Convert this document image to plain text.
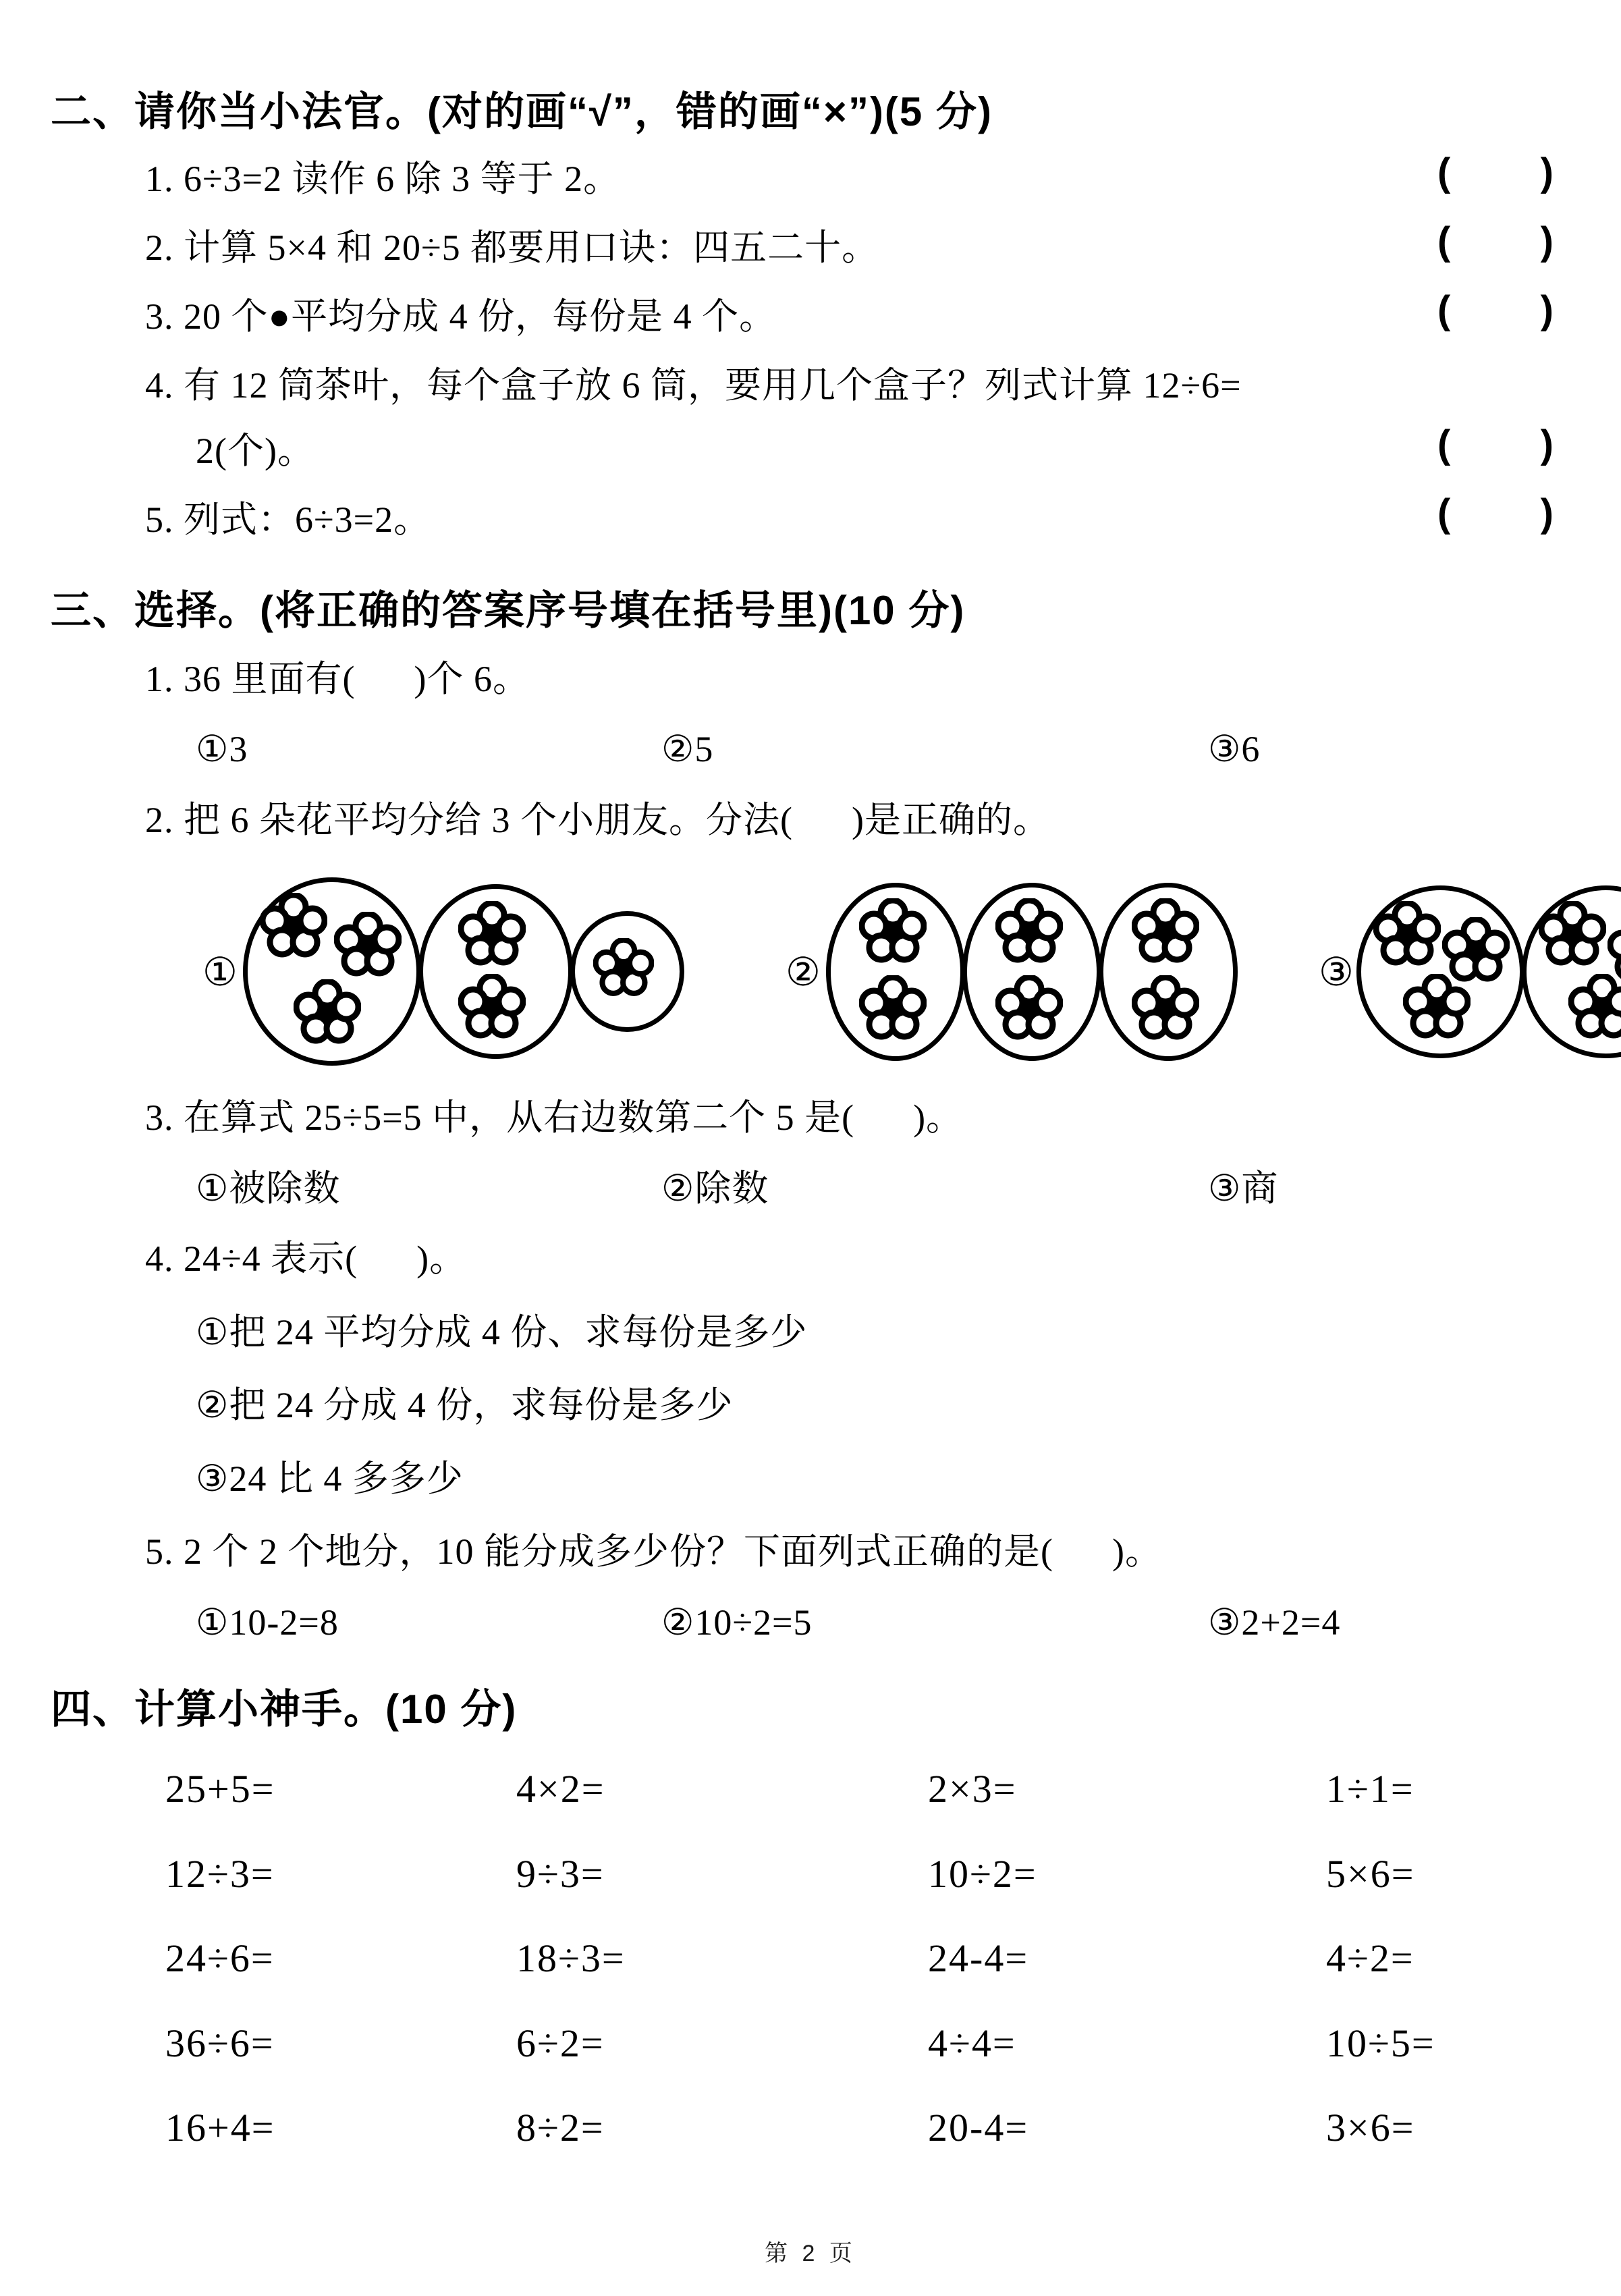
二、请你当小法官。(对的画“√”，错的画“×”)(5 分)
1. 6÷3=2 读作 6 除 3 等于 2。	( )
2. 计算 5×4 和 20÷5 都要用口诀：四五二十。	( )
3. 20 个●平均分成 4 份，每份是 4 个。	( )
4. 有 12 筒茶叶，每个盒子放 6 筒，要用几个盒子？列式计算 12÷6=
2(个)。	( )
5. 列式：6÷3=2。	( )
三、选择。(将正确的答案序号填在括号里)(10 分)
1. 36 里面有(      )个 6。
①3	②5	③6
2. 把 6 朵花平均分给 3 个小朋友。分法(      )是正确的。
①	②	③
3. 在算式 25÷5=5 中，从右边数第二个 5 是(      )。
①被除数	②除数	③商
4. 24÷4 表示(      )。
①把 24 平均分成 4 份、求每份是多少
②把 24 分成 4 份，求每份是多少
③24 比 4 多多少
5. 2 个 2 个地分，10 能分成多少份？下面列式正确的是(      )。
①10-2=8	②10÷2=5	③2+2=4
四、计算小神手。(10 分)
25+5=	4×2=	2×3=	1÷1=
12÷3=	9÷3=	10÷2=	5×6=
24÷6=	18÷3=	24-4=	4÷2=
36÷6=	6÷2=	4÷4=	10÷5=
16+4=	8÷2=	20-4=	3×6=
第 2 页
